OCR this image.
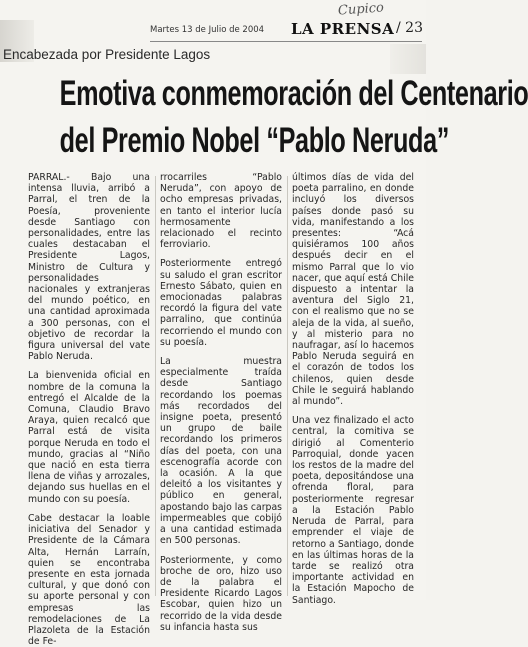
Cupico
Martes 13 de Julio de 2004 LA PRENSA / 23
Encabezada por Presidente Lagos
Emotiva conmemoración del Centenario
del Premio Nobel “Pablo Neruda”

PARRAL.- Bajo una intensa lluvia, arribó a Parral, el tren de la Poesía, proveniente desde Santiago con personalidades, entre las cuales destacaban el Presidente Lagos, Ministro de Cultura y personalidades nacionales y extranjeras del mundo poético, en una cantidad aproximada a 300 personas, con el objetivo de recordar la figura universal del vate Pablo Neruda.

La bienvenida oficial en nombre de la comuna la entregó el Alcalde de la Comuna, Claudio Bravo Araya, quien recalcó que Parral está de visita porque Neruda en todo el mundo, gracias al “Niño que nació en esta tierra llena de viñas y arrozales, dejando sus huellas en el mundo con su poesía.

Cabe destacar la loable iniciativa del Senador y Presidente de la Cámara Alta, Hernán Larraín, quien se encontraba presente en esta jornada cultural, y que donó con su aporte personal y con empresas las remodelaciones de La Plazoleta de la Estación de Fe-

rrocarriles “Pablo Neruda”, con apoyo de ocho empresas privadas, en tanto el interior lucía hermosamente relacionado el recinto ferroviario.

Posteriormente entregó su saludo el gran escritor Ernesto Sábato, quien en emocionadas palabras recordó la figura del vate parralino, que continúa recorriendo el mundo con su poesía.

La muestra especialmente traída desde Santiago recordando los poemas más recordados del insigne poeta, presentó un grupo de baile recordando los primeros días del poeta, con una escenografía acorde con la ocasión. A la que deleitó a los visitantes y público en general, apostando bajo las carpas impermeables que cobijó a una cantidad estimada en 500 personas.

Posteriormente, y como broche de oro, hizo uso de la palabra el Presidente Ricardo Lagos Escobar, quien hizo un recorrido de la vida desde su infancia hasta sus

últimos días de vida del poeta parralino, en donde incluyó los diversos países donde pasó su vida, manifestando a los presentes: “Acá quisiéramos 100 años después decir en el mismo Parral que lo vio nacer, que aquí está Chile dispuesto a intentar la aventura del Siglo 21, con el realismo que no se aleja de la vida, al sueño, y al misterio para no naufragar, así lo hacemos Pablo Neruda seguirá en el corazón de todos los chilenos, quien desde Chile le seguirá hablando al mundo”.

Una vez finalizado el acto central, la comitiva se dirigió al Comenterio Parroquial, donde yacen los restos de la madre del poeta, depositándose una ofrenda floral, para posteriormente regresar a la Estación Pablo Neruda de Parral, para emprender el viaje de retorno a Santiago, donde en las últimas horas de la tarde se realizó otra importante actividad en la Estación Mapocho de Santiago.
